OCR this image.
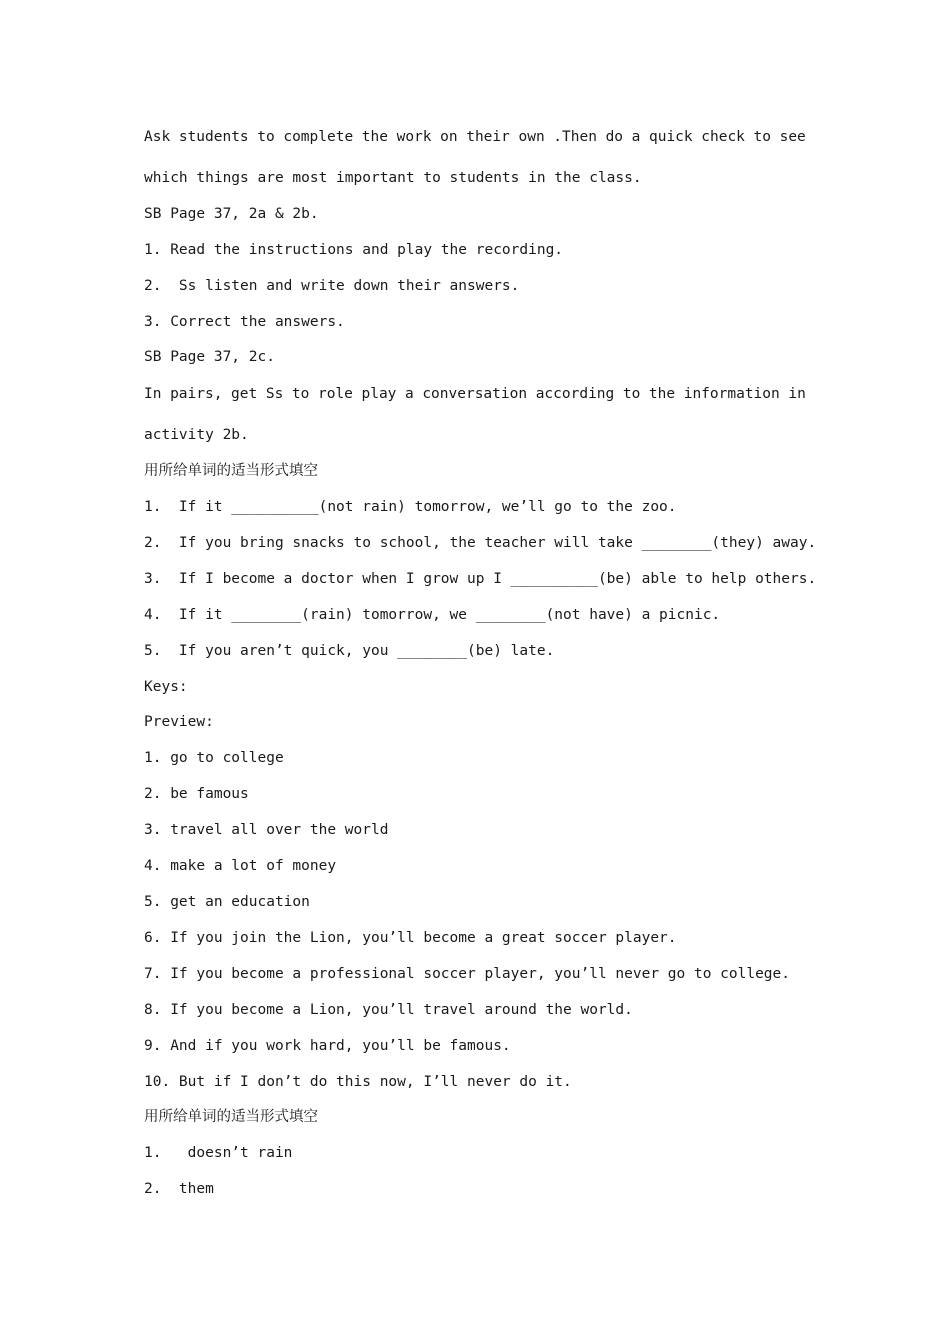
Ask students to complete the work on their own .Then do a quick check to see
which things are most important to students in the class.
SB Page 37, 2a & 2b.
1. Read the instructions and play the recording.
2.  Ss listen and write down their answers.
3. Correct the answers.
SB Page 37, 2c.
In pairs, get Ss to role play a conversation according to the information in
activity 2b.
用所给单词的适当形式填空
1.  If it __________(not rain) tomorrow, we’ll go to the zoo.
2.  If you bring snacks to school, the teacher will take ________(they) away.
3.  If I become a doctor when I grow up I __________(be) able to help others.
4.  If it ________(rain) tomorrow, we ________(not have) a picnic.
5.  If you aren’t quick, you ________(be) late.
Keys:
Preview:
1. go to college
2. be famous
3. travel all over the world
4. make a lot of money
5. get an education
6. If you join the Lion, you’ll become a great soccer player.
7. If you become a professional soccer player, you’ll never go to college.
8. If you become a Lion, you’ll travel around the world.
9. And if you work hard, you’ll be famous.
10. But if I don’t do this now, I’ll never do it.
用所给单词的适当形式填空
1.   doesn’t rain
2.  them
